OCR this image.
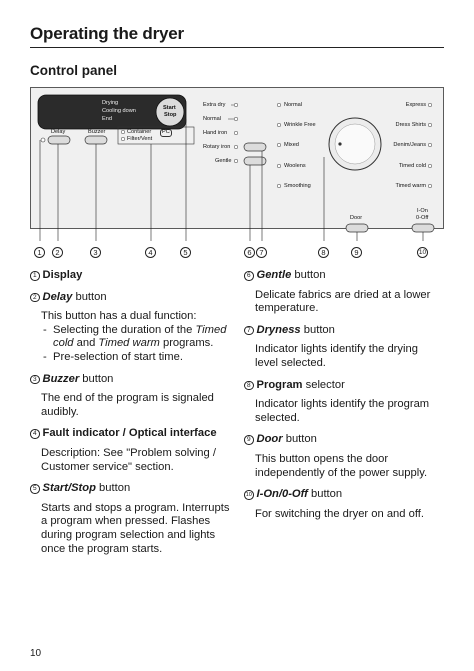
Operating the dryer
Control panel
Drying
Cooling down
End
Start
Stop
Delay	Buzzer	Container	PC
Filter/Vent
Extra dry
Normal
Hand iron
Rotary iron
Gentle
Normal
Wrinkle Free
Mixed
Woolens
Smoothing
Express
Dress Shirts
Denim/Jeans
Timed cold
Timed warm
Door
I-On
0-Off
1	2	3	4	5	6	7	8	9	10
1 Display
2 Delay button
This button has a dual function:
- Selecting the duration of the Timed cold and Timed warm programs.
- Pre-selection of start time.
3 Buzzer button
The end of the program is signaled audibly.
4 Fault indicator / Optical interface
Description: See "Problem solving / Customer service" section.
5 Start/Stop button
Starts and stops a program. Interrupts a program when pressed. Flashes during program selection and lights once the program starts.
6 Gentle button
Delicate fabrics are dried at a lower temperature.
7 Dryness button
Indicator lights identify the drying level selected.
8 Program selector
Indicator lights identify the program selected.
9 Door button
This button opens the door independently of the power supply.
10 I-On/0-Off button
For switching the dryer on and off.
10
